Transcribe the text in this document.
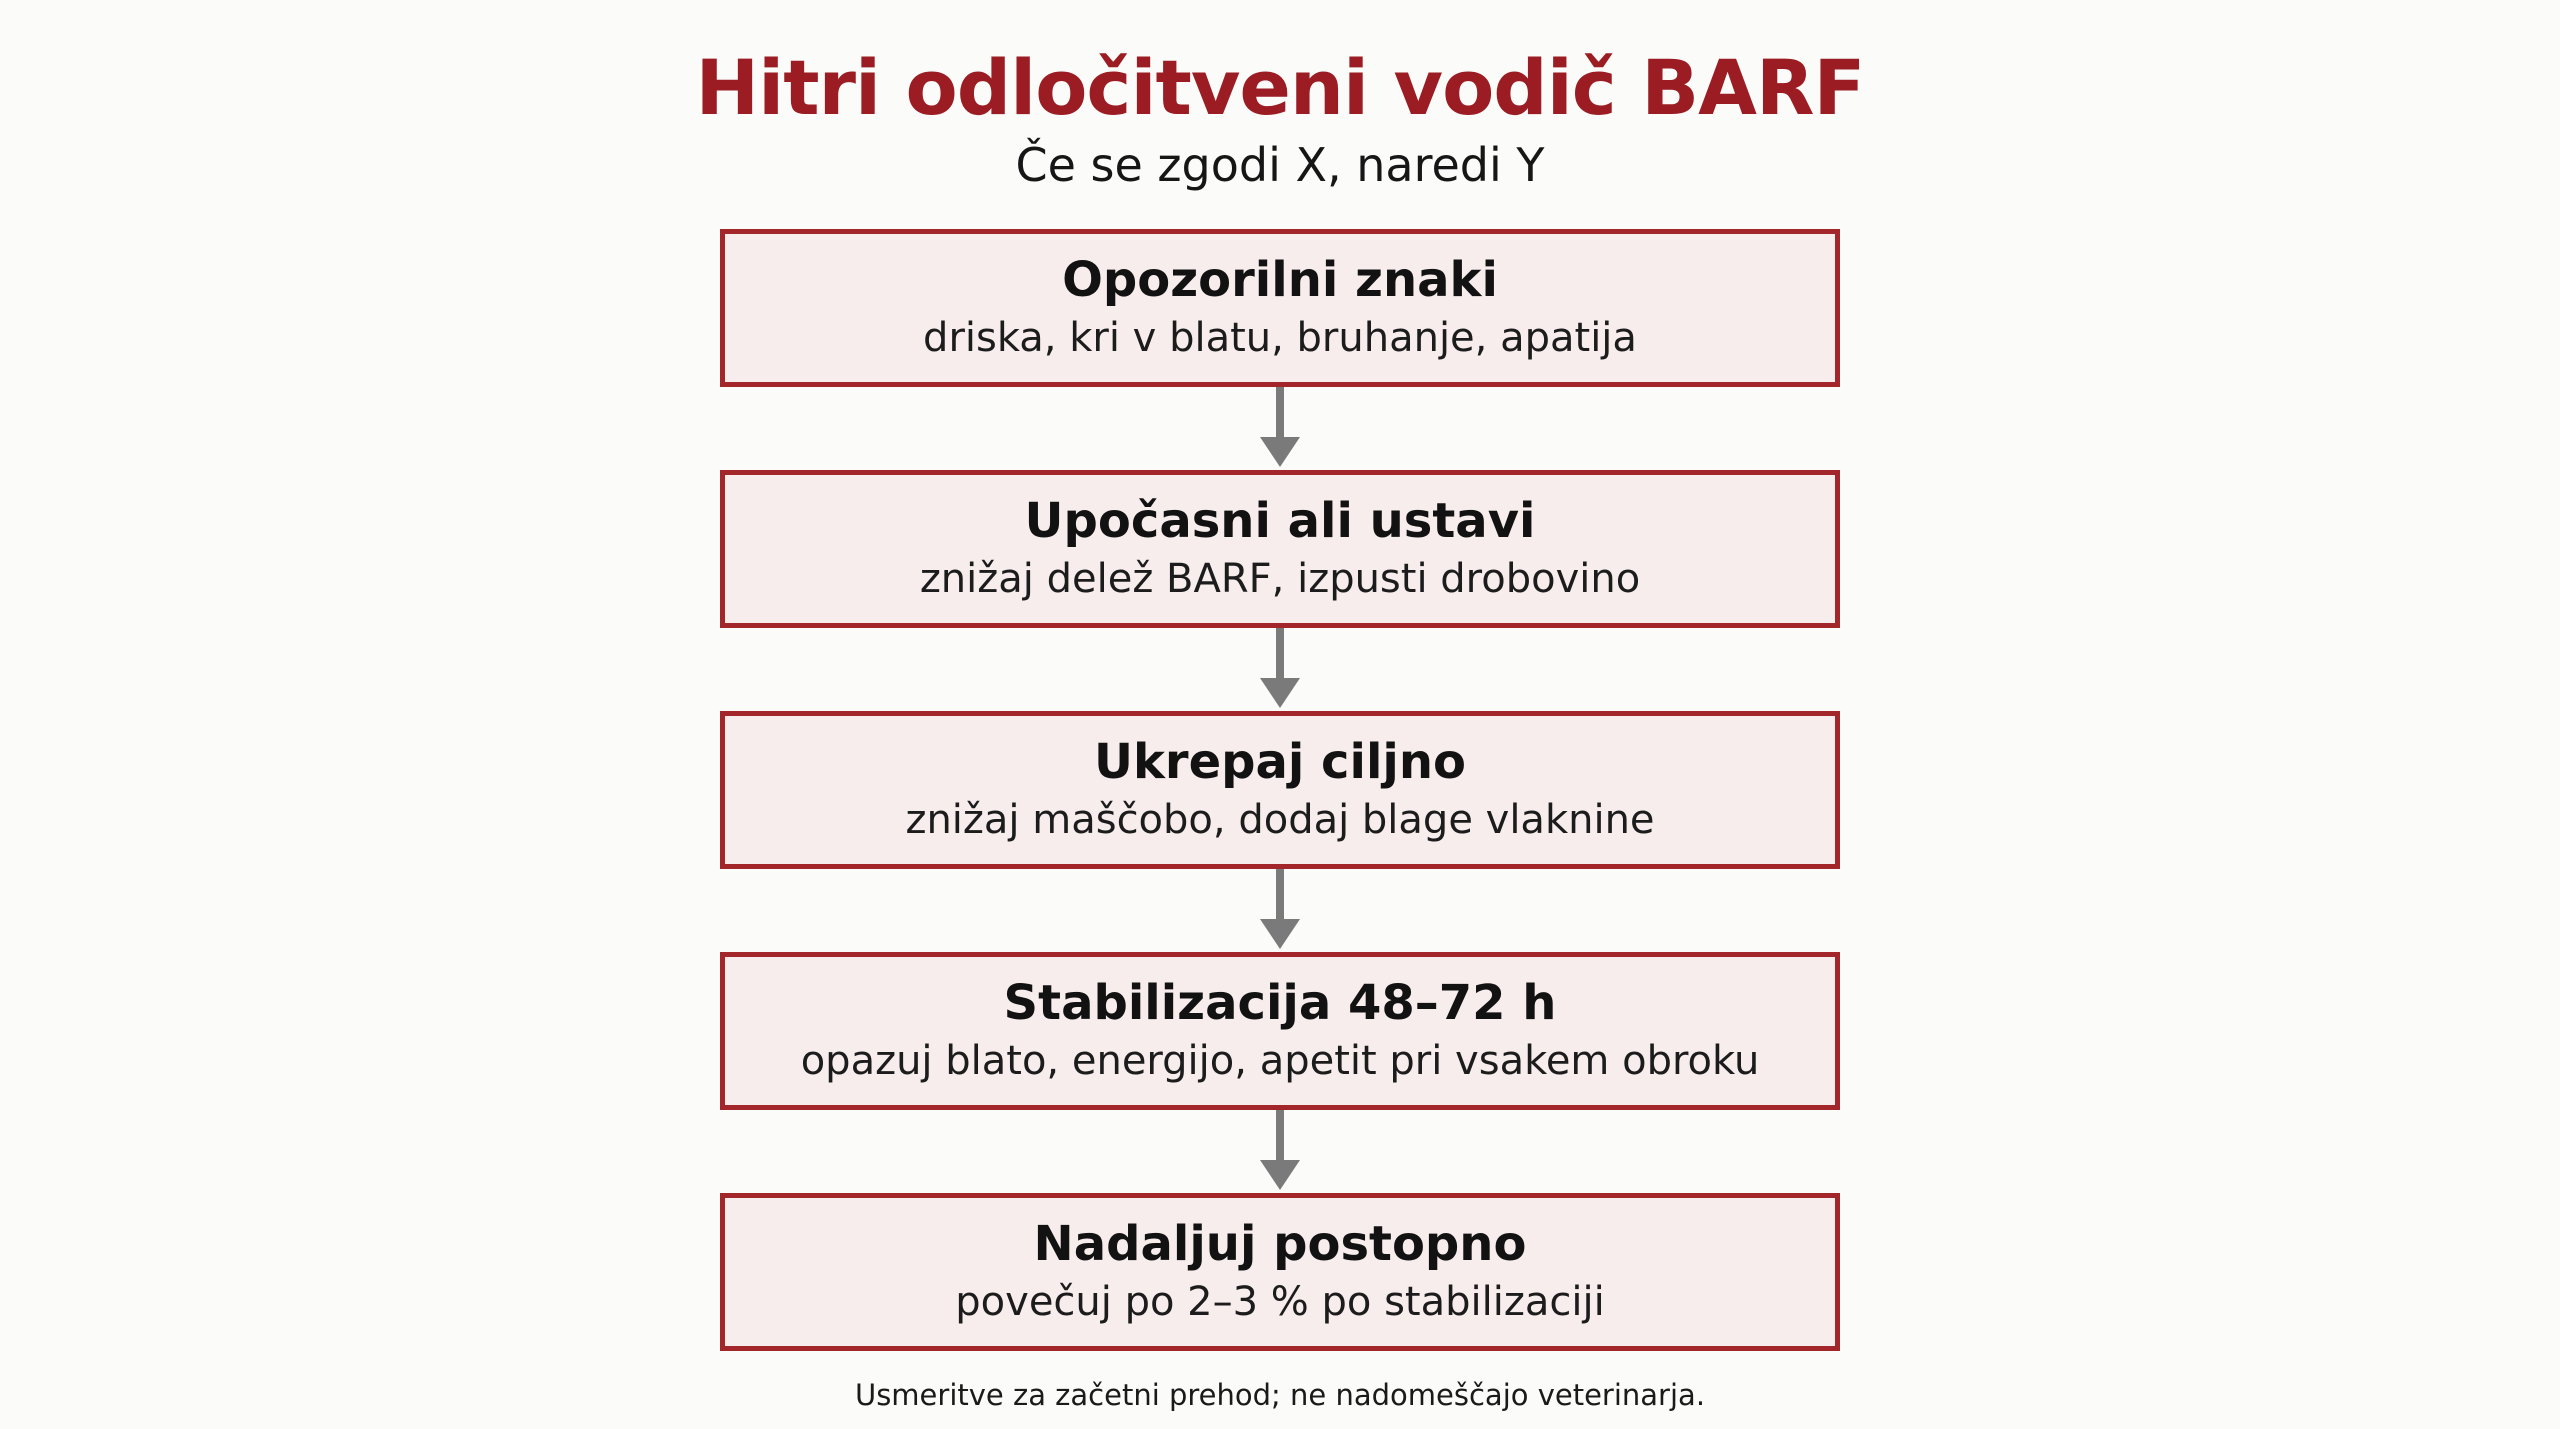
Hitri odločitveni vodič BARF
Če se zgodi X, naredi Y
Opozorilni znaki
driska, kri v blatu, bruhanje, apatija
Upočasni ali ustavi
znižaj delež BARF, izpusti drobovino
Ukrepaj ciljno
znižaj maščobo, dodaj blage vlaknine
Stabilizacija 48–72 h
opazuj blato, energijo, apetit pri vsakem obroku
Nadaljuj postopno
povečuj po 2–3 % po stabilizaciji
Usmeritve za začetni prehod; ne nadomeščajo veterinarja.
